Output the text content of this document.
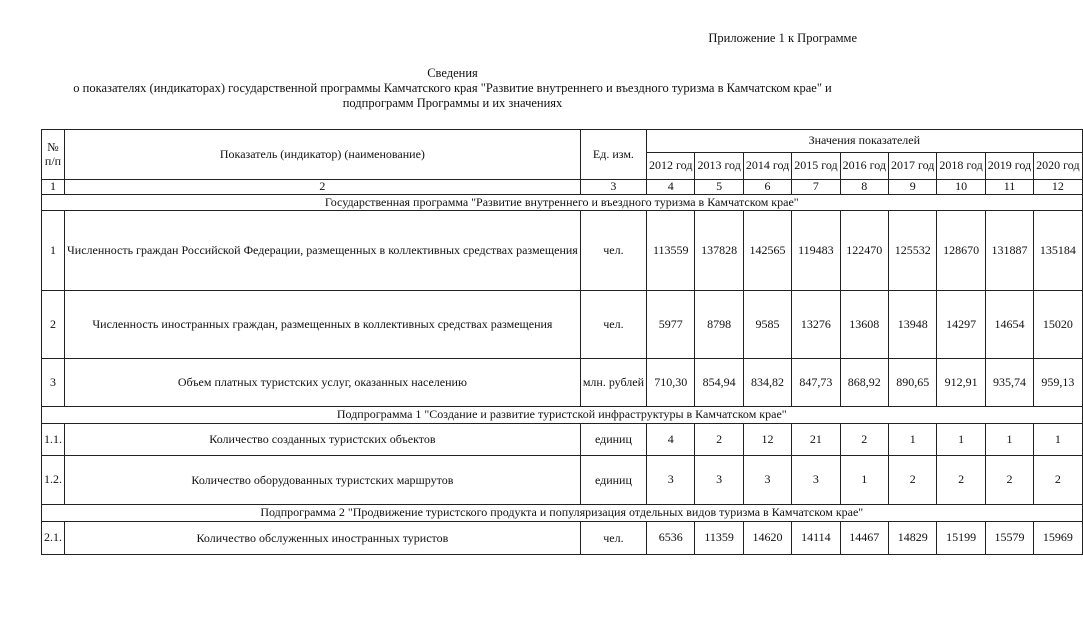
Приложение 1 к Программе
Сведения
о показателях (индикаторах) государственной программы Камчатского края "Развитие внутреннего и въездного туризма в Камчатском крае" и
подпрограмм Программы и их значениях
№ п/п	Показатель (индикатор) (наименование)	Ед. изм.	Значения показателей								
			2012 год	2013 год	2014 год	2015 год	2016 год	2017 год	2018 год	2019 год	2020 год
1	2	3	4	5	6	7	8	9	10	11	12
Государственная программа "Развитие внутреннего и въездного туризма в Камчатском крае"											
1	Численность граждан Российской Федерации, размещенных в коллективных средствах размещения	чел.	113559	137828	142565	119483	122470	125532	128670	131887	135184
2	Численность иностранных граждан, размещенных в коллективных средствах размещения	чел.	5977	8798	9585	13276	13608	13948	14297	14654	15020
3	Объем платных туристских услуг, оказанных населению	млн. рублей	710,30	854,94	834,82	847,73	868,92	890,65	912,91	935,74	959,13
Подпрограмма 1 "Создание и развитие туристской инфраструктуры в Камчатском крае"											
1.1.	Количество созданных туристских объектов	единиц	4	2	12	21	2	1	1	1	1
1.2.	Количество оборудованных туристских маршрутов	единиц	3	3	3	3	1	2	2	2	2
Подпрограмма 2 "Продвижение туристского продукта и популяризация отдельных видов туризма в Камчатском крае"											
2.1.	Количество обслуженных иностранных туристов	чел.	6536	11359	14620	14114	14467	14829	15199	15579	15969
